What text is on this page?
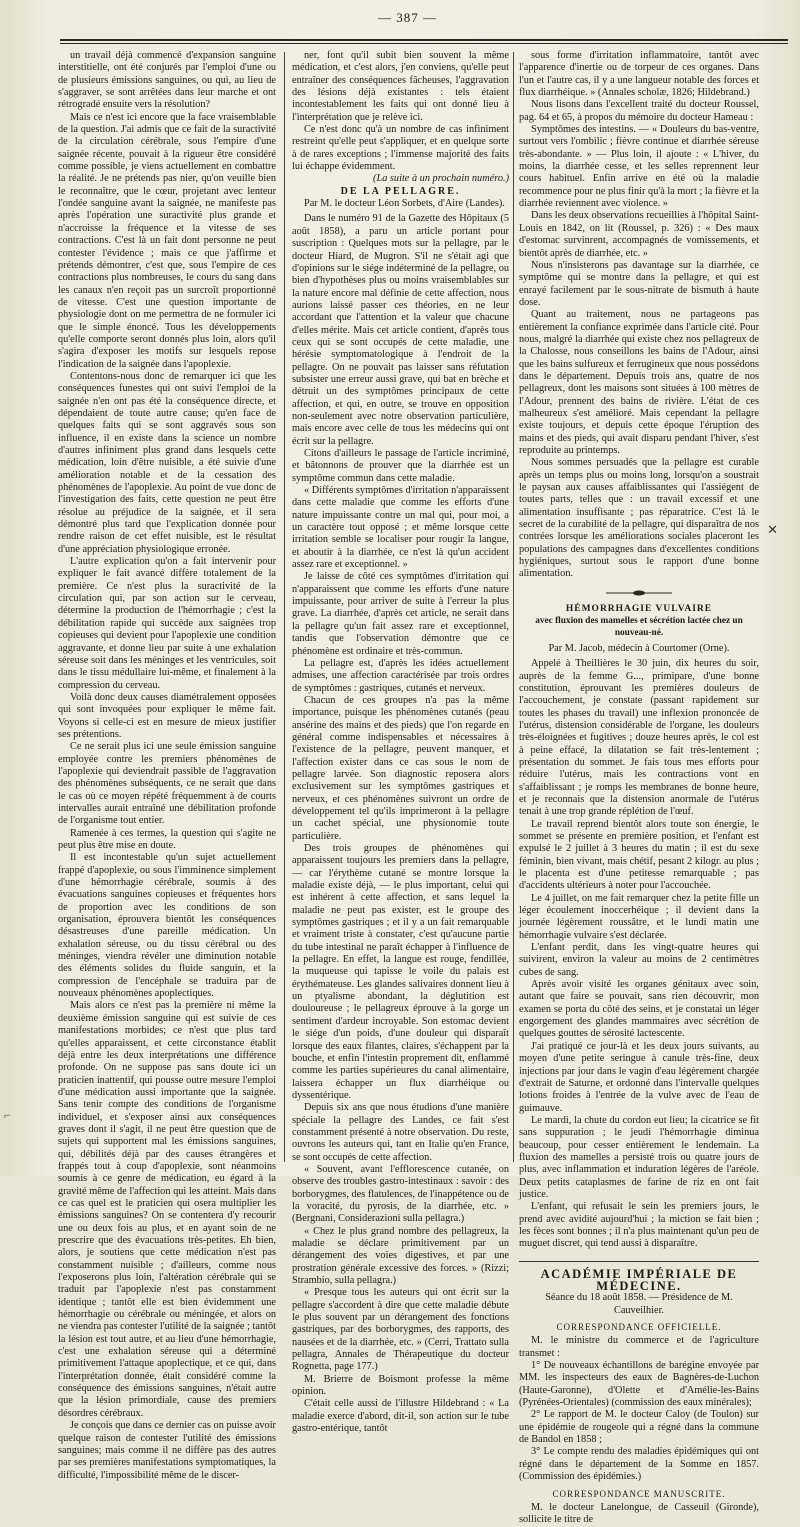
— 387 —

un travail déjà commencé d'expansion sanguine interstitielle, ont été conjurés par l'emploi d'une ou de plusieurs émissions sanguines, ou qui, au lieu de s'aggraver, se sont arrêtées dans leur marche et ont rétrogradé ensuite vers la résolution?

Mais ce n'est ici encore que la face vraisemblable de la question. J'ai admis que ce fait de la suractivité de la circulation cérébrale, sous l'empire d'une saignée récente, pouvait à la rigueur être considéré comme possible, je viens actuellement en combattre la réalité. Je ne prétends pas nier, qu'on veuille bien le reconnaître, que le cœur, projetant avec lenteur l'ondée sanguine avant la saignée, ne manifeste pas après l'opération une suractivité plus grande et n'accroisse la fréquence et la vitesse de ses contractions. C'est là un fait dont personne ne peut contester l'évidence ; mais ce que j'affirme et prétends démontrer, c'est que, sous l'empire de ces contractions plus nombreuses, le cours du sang dans les canaux n'en reçoit pas un surcroît proportionné de vitesse. C'est une question importante de physiologie dont on me permettra de ne formuler ici que le simple énoncé. Tous les développements qu'elle comporte seront donnés plus loin, alors qu'il s'agira d'exposer les motifs sur lesquels repose l'indication de la saignée dans l'apoplexie.

Contentons-nous donc de remarquer ici que les conséquences funestes qui ont suivi l'emploi de la saignée n'en ont pas été la conséquence directe, et dépendaient de toute autre cause; qu'en face de quelques faits qui se sont aggravés sous son influence, il en existe dans la science un nombre d'autres infiniment plus grand dans lesquels cette médication, loin d'être nuisible, a été suivie d'une amélioration notable et de la cessation des phénomènes de l'apoplexie. Au point de vue donc de l'investigation des faits, cette question ne peut être résolue au préjudice de la saignée, et il sera démontré plus tard que l'explication donnée pour rendre raison de cet effet nuisible, est le résultat d'une appréciation physiologique erronée.

L'autre explication qu'on a fait intervenir pour expliquer le fait avancé diffère totalement de la première. Ce n'est plus la suractivité de la circulation qui, par son action sur le cerveau, détermine la production de l'hémorrhagie ; c'est la débilitation rapide qui succède aux saignées trop copieuses qui devient pour l'apoplexie une condition aggravante, et donne lieu par suite à une exhalation séreuse soit dans les méninges et les ventricules, soit dans le tissu médullaire lui-même, et finalement à la compression du cerveau.

Voilà donc deux causes diamétralement opposées qui sont invoquées pour expliquer le même fait. Voyons si celle-ci est en mesure de mieux justifier ses prétentions.

Ce ne serait plus ici une seule émission sanguine employée contre les premiers phénomènes de l'apoplexie qui deviendrait passible de l'aggravation des phénomènes subséquents, ce ne serait que dans le cas où ce moyen répété fréquemment à de courts intervalles aurait entraîné une débilitation profonde de l'organisme tout entier.

Ramenée à ces termes, la question qui s'agite ne peut plus être mise en doute.

Il est incontestable qu'un sujet actuellement frappé d'apoplexie, ou sous l'imminence simplement d'une hémorrhagie cérébrale, soumis à des évacuations sanguines copieuses et fréquentes hors de proportion avec les conditions de son organisation, éprouvera bientôt les conséquences désastreuses d'une pareille médication. Un exhalation séreuse, ou du tissu cérébral ou des méninges, viendra révéler une diminution notable des éléments solides du fluide sanguin, et la compression de l'encéphale se traduira par de nouveaux phénomènes apoplectiques.

Mais alors ce n'est pas la première ni même la deuxième émission sanguine qui est suivie de ces manifestations morbides; ce n'est que plus tard qu'elles apparaissent, et cette circonstance établit déjà entre les deux interprétations une différence profonde. On ne suppose pas sans doute ici un praticien inattentif, qui pousse outre mesure l'emploi d'une médication aussi importante que la saignée. Sans tenir compte des conditions de l'organisme individuel, et s'exposer ainsi aux conséquences graves dont il s'agit, il ne peut être question que de sujets qui supportent mal les émissions sanguines, qui, débilités déjà par des causes étrangères et frappés tout à coup d'apoplexie, sont néanmoins soumis à ce genre de médication, eu égard à la gravité même de l'affection qui les atteint. Mais dans ce cas quel est le praticien qui osera multiplier les émissions sanguines? On se contentera d'y recourir une ou deux fois au plus, et en ayant soin de ne prescrire que des évacuations très-petites. Eh bien, alors, je soutiens que cette médication n'est pas constamment nuisible ; d'ailleurs, comme nous l'exposerons plus loin, l'altération cérébrale qui se traduit par l'apoplexie n'est pas constamment identique ; tantôt elle est bien évidemment une hémorrhagie ou cérébrale ou méningée, et alors on ne viendra pas contester l'utilité de la saignée ; tantôt la lésion est tout autre, et au lieu d'une hémorrhagie, c'est une exhalation séreuse qui a déterminé primitivement l'attaque apoplectique, et ce qui, dans l'interprétation donnée, était considéré comme la conséquence des émissions sanguines, n'était autre que la lésion primordiale, cause des premiers désordres cérébraux.

Je conçois que dans ce dernier cas on puisse avoir quelque raison de contester l'utilité des émissions sanguines; mais comme il ne diffère pas des autres par ses premières manifestations symptomatiques, la difficulté, l'impossibilité même de le discer-

ner, font qu'il subit bien souvent la même médication, et c'est alors, j'en conviens, qu'elle peut entraîner des conséquences fâcheuses, l'aggravation des lésions déjà existantes : tels étaient incontestablement les faits qui ont donné lieu à l'interprétation que je relève ici.

Ce n'est donc qu'à un nombre de cas infiniment restreint qu'elle peut s'appliquer, et en quelque sorte à de rares exceptions ; l'immense majorité des faits lui échappe évidemment.

(La suite à un prochain numéro.)

DE LA PELLAGRE.

Par M. le docteur Léon Sorbets, d'Aire (Landes).

Dans le numéro 91 de la Gazette des Hôpitaux (5 août 1858), a paru un article portant pour suscription : Quelques mots sur la pellagre, par le docteur Hiard, de Mugron. S'il ne s'était agi que d'opinions sur le siége indéterminé de la pellagre, ou bien d'hypothèses plus ou moins vraisemblables sur la nature encore mal définie de cette affection, nous aurions laissé passer ces théories, en ne leur accordant que l'attention et la valeur que chacune d'elles mérite. Mais cet article contient, d'après tous ceux qui se sont occupés de cette maladie, une hérésie symptomatologique à l'endroit de la pellagre. On ne pouvait pas laisser sans réfutation subsister une erreur aussi grave, qui bat en brèche et détruit un des symptômes principaux de cette affection, et qui, en outre, se trouve en opposition non-seulement avec notre observation particulière, mais encore avec celle de tous les médecins qui ont écrit sur la pellagre.

Citons d'ailleurs le passage de l'article incriminé, et bâtonnons de prouver que la diarrhée est un symptôme commun dans cette maladie.

« Différents symptômes d'irritation n'apparaissent dans cette maladie que comme les efforts d'une nature impuissante contre un mal qui, pour moi, a un caractère tout opposé ; et même lorsque cette irritation semble se localiser pour rougir la langue, et aboutir à la diarrhée, ce n'est là qu'un accident assez rare et exceptionnel. »

Je laisse de côté ces symptômes d'irritation qui n'apparaissent que comme les efforts d'une nature impuissante, pour arriver de suite à l'erreur la plus grave. La diarrhée, d'après cet article, ne serait dans la pellagre qu'un fait assez rare et exceptionnel, tandis que l'observation démontre que ce phénomène est ordinaire et très-commun.

La pellagre est, d'après les idées actuellement admises, une affection caractérisée par trois ordres de symptômes : gastriques, cutanés et nerveux.

Chacun de ces groupes n'a pas la même importance, puisque les phénomènes cutanés (peau ansérine des mains et des pieds) que l'on regarde en général comme indispensables et nécessaires à l'existence de la pellagre, peuvent manquer, et l'affection exister dans ce cas sous le nom de pellagre larvée. Son diagnostic reposera alors exclusivement sur les symptômes gastriques et nerveux, et ces phénomènes suivront un ordre de développement tel qu'ils imprimeront à la pellagre un cachet spécial, une physionomie toute particulière.

Des trois groupes de phénomènes qui apparaissent toujours les premiers dans la pellagre, — car l'érythème cutané se montre lorsque la maladie existe déjà, — le plus important, celui qui est inhérent à cette affection, et sans lequel la maladie ne peut pas exister, est le groupe des symptômes gastriques ; et il y a un fait remarquable et vraiment triste à constater, c'est qu'aucune partie du tube intestinal ne paraît échapper à l'influence de la pellagre. En effet, la langue est rouge, fendillée, la muqueuse qui tapisse le voile du palais est érythémateuse. Les glandes salivaires donnent lieu à un ptyalisme abondant, la déglutition est douloureuse ; le pellagreux éprouve à la gorge un sentiment d'ardeur incroyable. Son estomac devient le siége d'un poids, d'une douleur qui disparaît lorsque des eaux filantes, claires, s'échappent par la bouche, et enfin l'intestin proprement dit, enflammé comme les parties supérieures du canal alimentaire, laissera échapper un flux diarrhéique ou dyssentérique.

Depuis six ans que nous étudions d'une manière spéciale la pellagre des Landes, ce fait s'est constamment présenté à notre observation. Du reste, ouvrons les auteurs qui, tant en Italie qu'en France, se sont occupés de cette affection.

« Souvent, avant l'efflorescence cutanée, on observe des troubles gastro-intestinaux : savoir : des borborygmes, des flatulences, de l'inappétence ou de la voracité, du pyrosis, de la diarrhée, etc. » (Bergnani, Considerazioni sulla pellagra.)

« Chez le plus grand nombre des pellagreux, la maladie se déclare primitivement par un dérangement des voies digestives, et par une prostration générale excessive des forces. » (Rizzi; Strambio, sulla pellagra.)

« Presque tous les auteurs qui ont écrit sur la pellagre s'accordent à dire que cette maladie débute le plus souvent par un dérangement des fonctions gastriques, par des borborygmes, des rapports, des nausées et de la diarrhée, etc. » (Cerri, Trattato sulla pellagra, Annales de Thérapeutique du docteur Rognetta, page 177.)

M. Brierre de Boismont professe la même opinion.

C'était celle aussi de l'illustre Hildebrand : « La maladie exerce d'abord, dit-il, son action sur le tube gastro-entérique, tantôt

sous forme d'irritation inflammatoire, tantôt avec l'apparence d'inertie ou de torpeur de ces organes. Dans l'un et l'autre cas, il y a une langueur notable des forces et flux diarrhéique. » (Annales scholæ, 1826; Hildebrand.)

Nous lisons dans l'excellent traité du docteur Roussel, pag. 64 et 65, à propos du mémoire du docteur Hameau :

Symptômes des intestins. — « Douleurs du bas-ventre, surtout vers l'ombilic ; fièvre continue et diarrhée séreuse très-abondante. » — Plus loin, il ajoute : « L'hiver, du moins, la diarrhée cesse, et les selles reprennent leur cours habituel. Enfin arrive en été où la maladie recommence pour ne plus finir qu'à la mort ; la fièvre et la diarrhée reviennent avec violence. »

Dans les deux observations recueillies à l'hôpital Saint-Louis en 1842, on lit (Roussel, p. 326) : « Des maux d'estomac survinrent, accompagnés de vomissements, et bientôt après de diarrhée, etc. »

Nous n'insisterons pas davantage sur la diarrhée, ce symptôme qui se montre dans la pellagre, et qui est enrayé facilement par le sous-nitrate de bismuth à haute dose.

Quant au traitement, nous ne partageons pas entièrement la confiance exprimée dans l'article cité. Pour nous, malgré la diarrhée qui existe chez nos pellagreux de la Chalosse, nous conseillons les bains de l'Adour, ainsi que les bains sulfureux et ferrugineux que nous possédons dans le département. Depuis trois ans, quatre de nos pellagreux, dont les maisons sont situées à 100 mètres de l'Adour, prennent des bains de rivière. L'état de ces malheureux s'est amélioré. Mais cependant la pellagre existe toujours, et depuis cette époque l'éruption des mains et des pieds, qui avait disparu pendant l'hiver, s'est reproduite au printemps.

Nous sommes persuadés que la pellagre est curable après un temps plus ou moins long, lorsqu'on a soustrait le paysan aux causes affaiblissantes qui l'assiégent de toutes parts, telles que : un travail excessif et une alimentation insuffisante ; pas réparatrice. C'est là le secret de la curabilité de la pellagre, qui disparaîtra de nos contrées lorsque les améliorations sociales placeront les populations des campagnes dans d'excellentes conditions hygiéniques, surtout sous le rapport d'une bonne alimentation.

HÉMORRHAGIE VULVAIRE

avec fluxion des mamelles et sécrétion lactée chez un nouveau-né.

Par M. Jacob, médecin à Courtomer (Orne).

Appelé à Theillières le 30 juin, dix heures du soir, auprès de la femme G..., primipare, d'une bonne constitution, éprouvant les premières douleurs de l'accouchement, je constate (passant rapidement sur toutes les phases du travail) une inflexion prononcée de l'utérus, distension considérable de l'organe, les douleurs très-éloignées et fugitives ; douze heures après, le col est à peine effacé, la dilatation se fait très-lentement ; présentation du sommet. Je fais tous mes efforts pour réduire l'utérus, mais les contractions vont en s'affaiblissant ; je romps les membranes de bonne heure, et je reconnais que la distension anormale de l'utérus tenait à une trop grande réplétion de l'œuf.

Le travail reprend bientôt alors toute son énergie, le sommet se présente en première position, et l'enfant est expulsé le 2 juillet à 3 heures du matin ; il est du sexe féminin, bien vivant, mais chétif, pesant 2 kilogr. au plus ; le placenta est d'une petitesse remarquable ; pas d'accidents ultérieurs à noter pour l'accouchée.

Le 4 juillet, on me fait remarquer chez la petite fille un léger écoulement inoccerhéique ; il devient dans la journée légèrement roussâtre, et le lundi matin une hémorrhagie vulvaire s'est déclarée.

L'enfant perdit, dans les vingt-quatre heures qui suivirent, environ la valeur au moins de 2 centimètres cubes de sang.

Après avoir visité les organes génitaux avec soin, autant que faire se pouvait, sans rien découvrir, mon examen se porta du côté des seins, et je constatai un léger engorgement des glandes mammaires avec sécrétion de quelques gouttes de sérosité lactescente.

J'ai pratiqué ce jour-là et les deux jours suivants, au moyen d'une petite seringue à canule très-fine, deux injections par jour dans le vagin d'eau légèrement chargée d'extrait de Saturne, et ordonné dans l'intervalle quelques lotions froides à l'entrée de la vulve avec de l'eau de guimauve.

Le mardi, la chute du cordon eut lieu; la cicatrice se fit sans suppuration ; le jeudi l'hémorrhagie diminua beaucoup, pour cesser entièrement le lendemain. La fluxion des mamelles a persisté trois ou quatre jours de plus, avec inflammation et induration légères de l'aréole. Deux petits cataplasmes de farine de riz en ont fait justice.

L'enfant, qui refusait le sein les premiers jours, le prend avec avidité aujourd'hui ; la miction se fait bien ; les fèces sont bonnes ; il n'a plus maintenant qu'un peu de muguet discret, qui tend aussi à disparaître.

ACADÉMIE IMPÉRIALE DE MÉDECINE.

Séance du 18 août 1858. — Présidence de M. Cauveilhier.

CORRESPONDANCE OFFICIELLE.

M. le ministre du commerce et de l'agriculture transmet :

1° De nouveaux échantillons de barégine envoyée par MM. les inspecteurs des eaux de Bagnères-de-Luchon (Haute-Garonne), d'Olette et d'Amélie-les-Bains (Pyrénées-Orientales) (commission des eaux minérales);

2° Le rapport de M. le docteur Caloy (de Toulon) sur une épidémie de rougeole qui a régné dans la commune de Bandol en 1858 ;

3° Le compte rendu des maladies épidémiques qui ont régné dans le département de la Somme en 1857. (Commission des épidémies.)

CORRESPONDANCE MANUSCRITE.

M. le docteur Lanelongue, de Casseuil (Gironde), sollicite le titre de

✕
⌐
